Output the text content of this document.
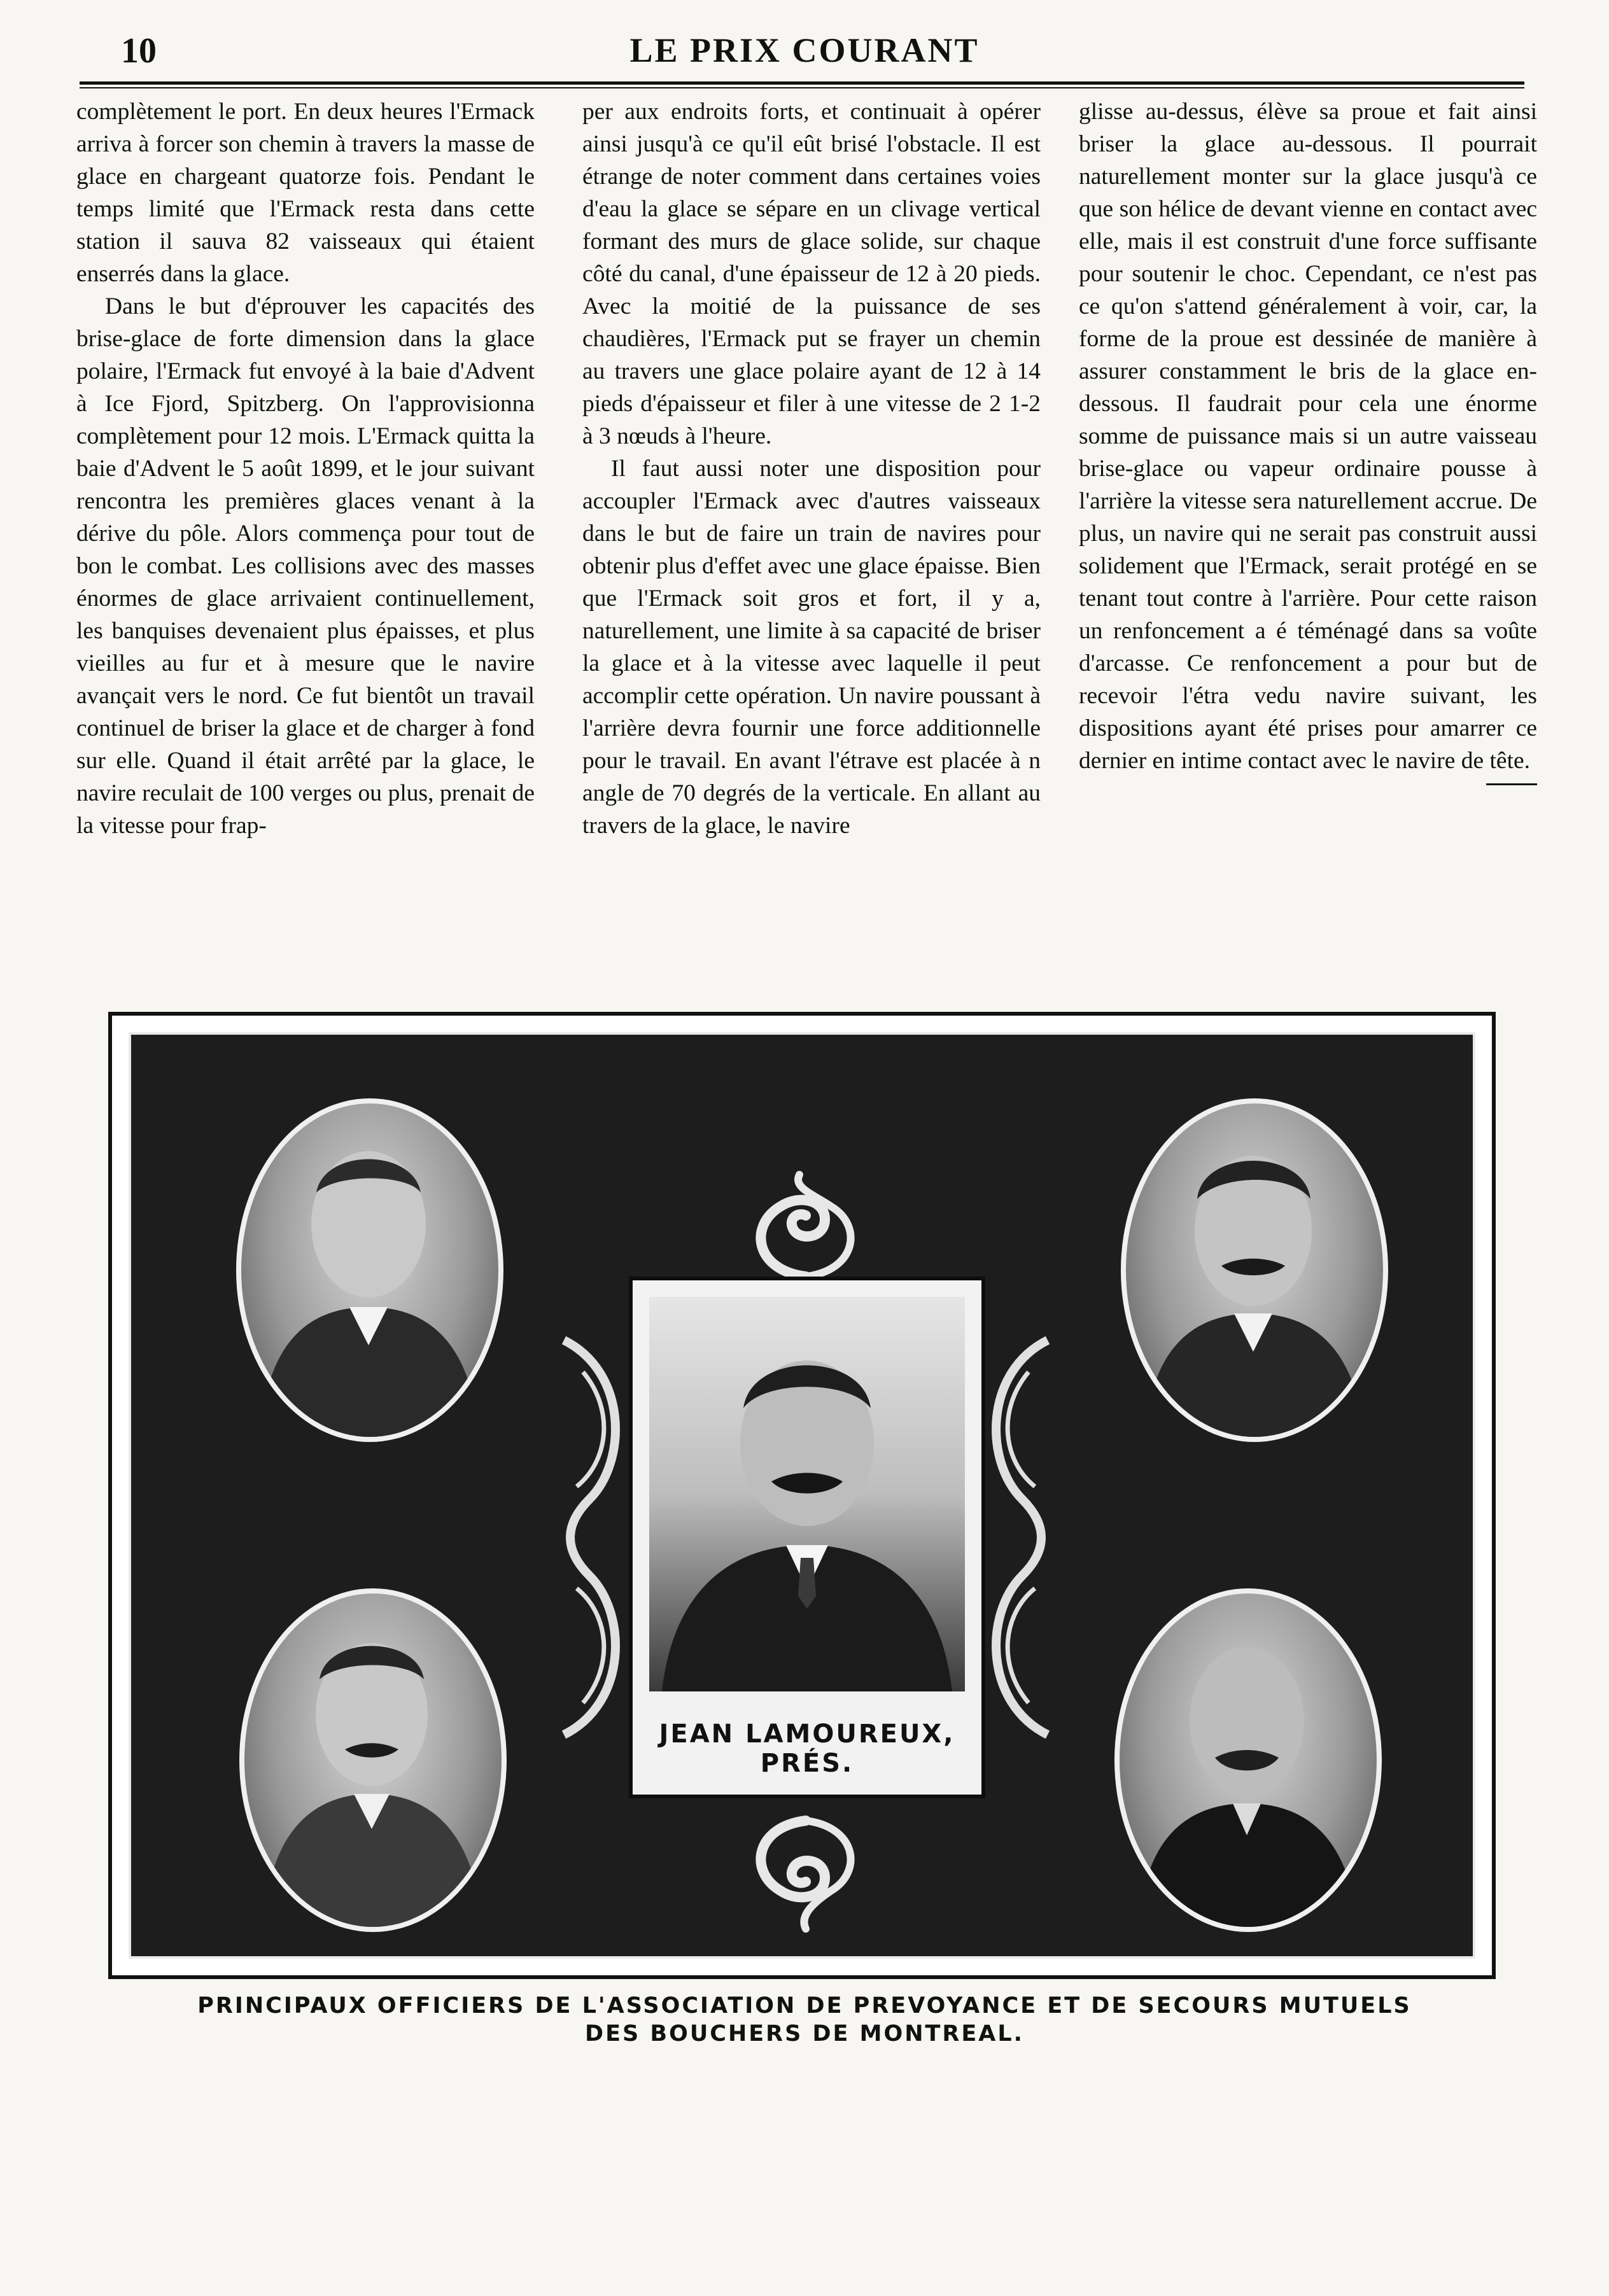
10	LE PRIX COURANT

complètement le port. En deux heures l'Ermack arriva à forcer son chemin à travers la masse de glace en chargeant quatorze fois. Pendant le temps limité que l'Ermack resta dans cette station il sauva 82 vaisseaux qui étaient enserrés dans la glace.

Dans le but d'éprouver les capacités des brise-glace de forte dimension dans la glace polaire, l'Ermack fut envoyé à la baie d'Advent à Ice Fjord, Spitzberg. On l'approvisionna complètement pour 12 mois. L'Ermack quitta la baie d'Advent le 5 août 1899, et le jour suivant rencontra les premières glaces venant à la dérive du pôle. Alors commença pour tout de bon le combat. Les collisions avec des masses énormes de glace arrivaient continuellement, les banquises devenaient plus épaisses, et plus vieilles au fur et à mesure que le navire avançait vers le nord. Ce fut bientôt un travail continuel de briser la glace et de charger à fond sur elle. Quand il était arrêté par la glace, le navire reculait de 100 verges ou plus, prenait de la vitesse pour frap-

per aux endroits forts, et continuait à opérer ainsi jusqu'à ce qu'il eût brisé l'obstacle. Il est étrange de noter comment dans certaines voies d'eau la glace se sépare en un clivage vertical formant des murs de glace solide, sur chaque côté du canal, d'une épaisseur de 12 à 20 pieds. Avec la moitié de la puissance de ses chaudières, l'Ermack put se frayer un chemin au travers une glace polaire ayant de 12 à 14 pieds d'épaisseur et filer à une vitesse de 2 1-2 à 3 nœuds à l'heure.

Il faut aussi noter une disposition pour accoupler l'Ermack avec d'autres vaisseaux dans le but de faire un train de navires pour obtenir plus d'effet avec une glace épaisse. Bien que l'Ermack soit gros et fort, il y a, naturellement, une limite à sa capacité de briser la glace et à la vitesse avec laquelle il peut accomplir cette opération. Un navire poussant à l'arrière devra fournir une force additionnelle pour le travail. En avant l'étrave est placée à n angle de 70 degrés de la verticale. En allant au travers de la glace, le navire

glisse au-dessus, élève sa proue et fait ainsi briser la glace au-dessous. Il pourrait naturellement monter sur la glace jusqu'à ce que son hélice de devant vienne en contact avec elle, mais il est construit d'une force suffisante pour soutenir le choc. Cependant, ce n'est pas ce qu'on s'attend généralement à voir, car, la forme de la proue est dessinée de manière à assurer constamment le bris de la glace en-dessous. Il faudrait pour cela une énorme somme de puissance mais si un autre vaisseau brise-glace ou vapeur ordinaire pousse à l'arrière la vitesse sera naturellement accrue. De plus, un navire qui ne serait pas construit aussi solidement que l'Ermack, serait protégé en se tenant tout contre à l'arrière. Pour cette raison un renfoncement a é téménagé dans sa voûte d'arcasse. Ce renfoncement a pour but de recevoir l'étra vedu navire suivant, les dispositions ayant été prises pour amarrer ce dernier en intime contact avec le navire de tête.

JEAN LAMOUREUX, PRÉS.
PRINCIPAUX OFFICIERS DE L'ASSOCIATION DE PREVOYANCE ET DE SECOURS MUTUELS
DES BOUCHERS DE MONTREAL.
